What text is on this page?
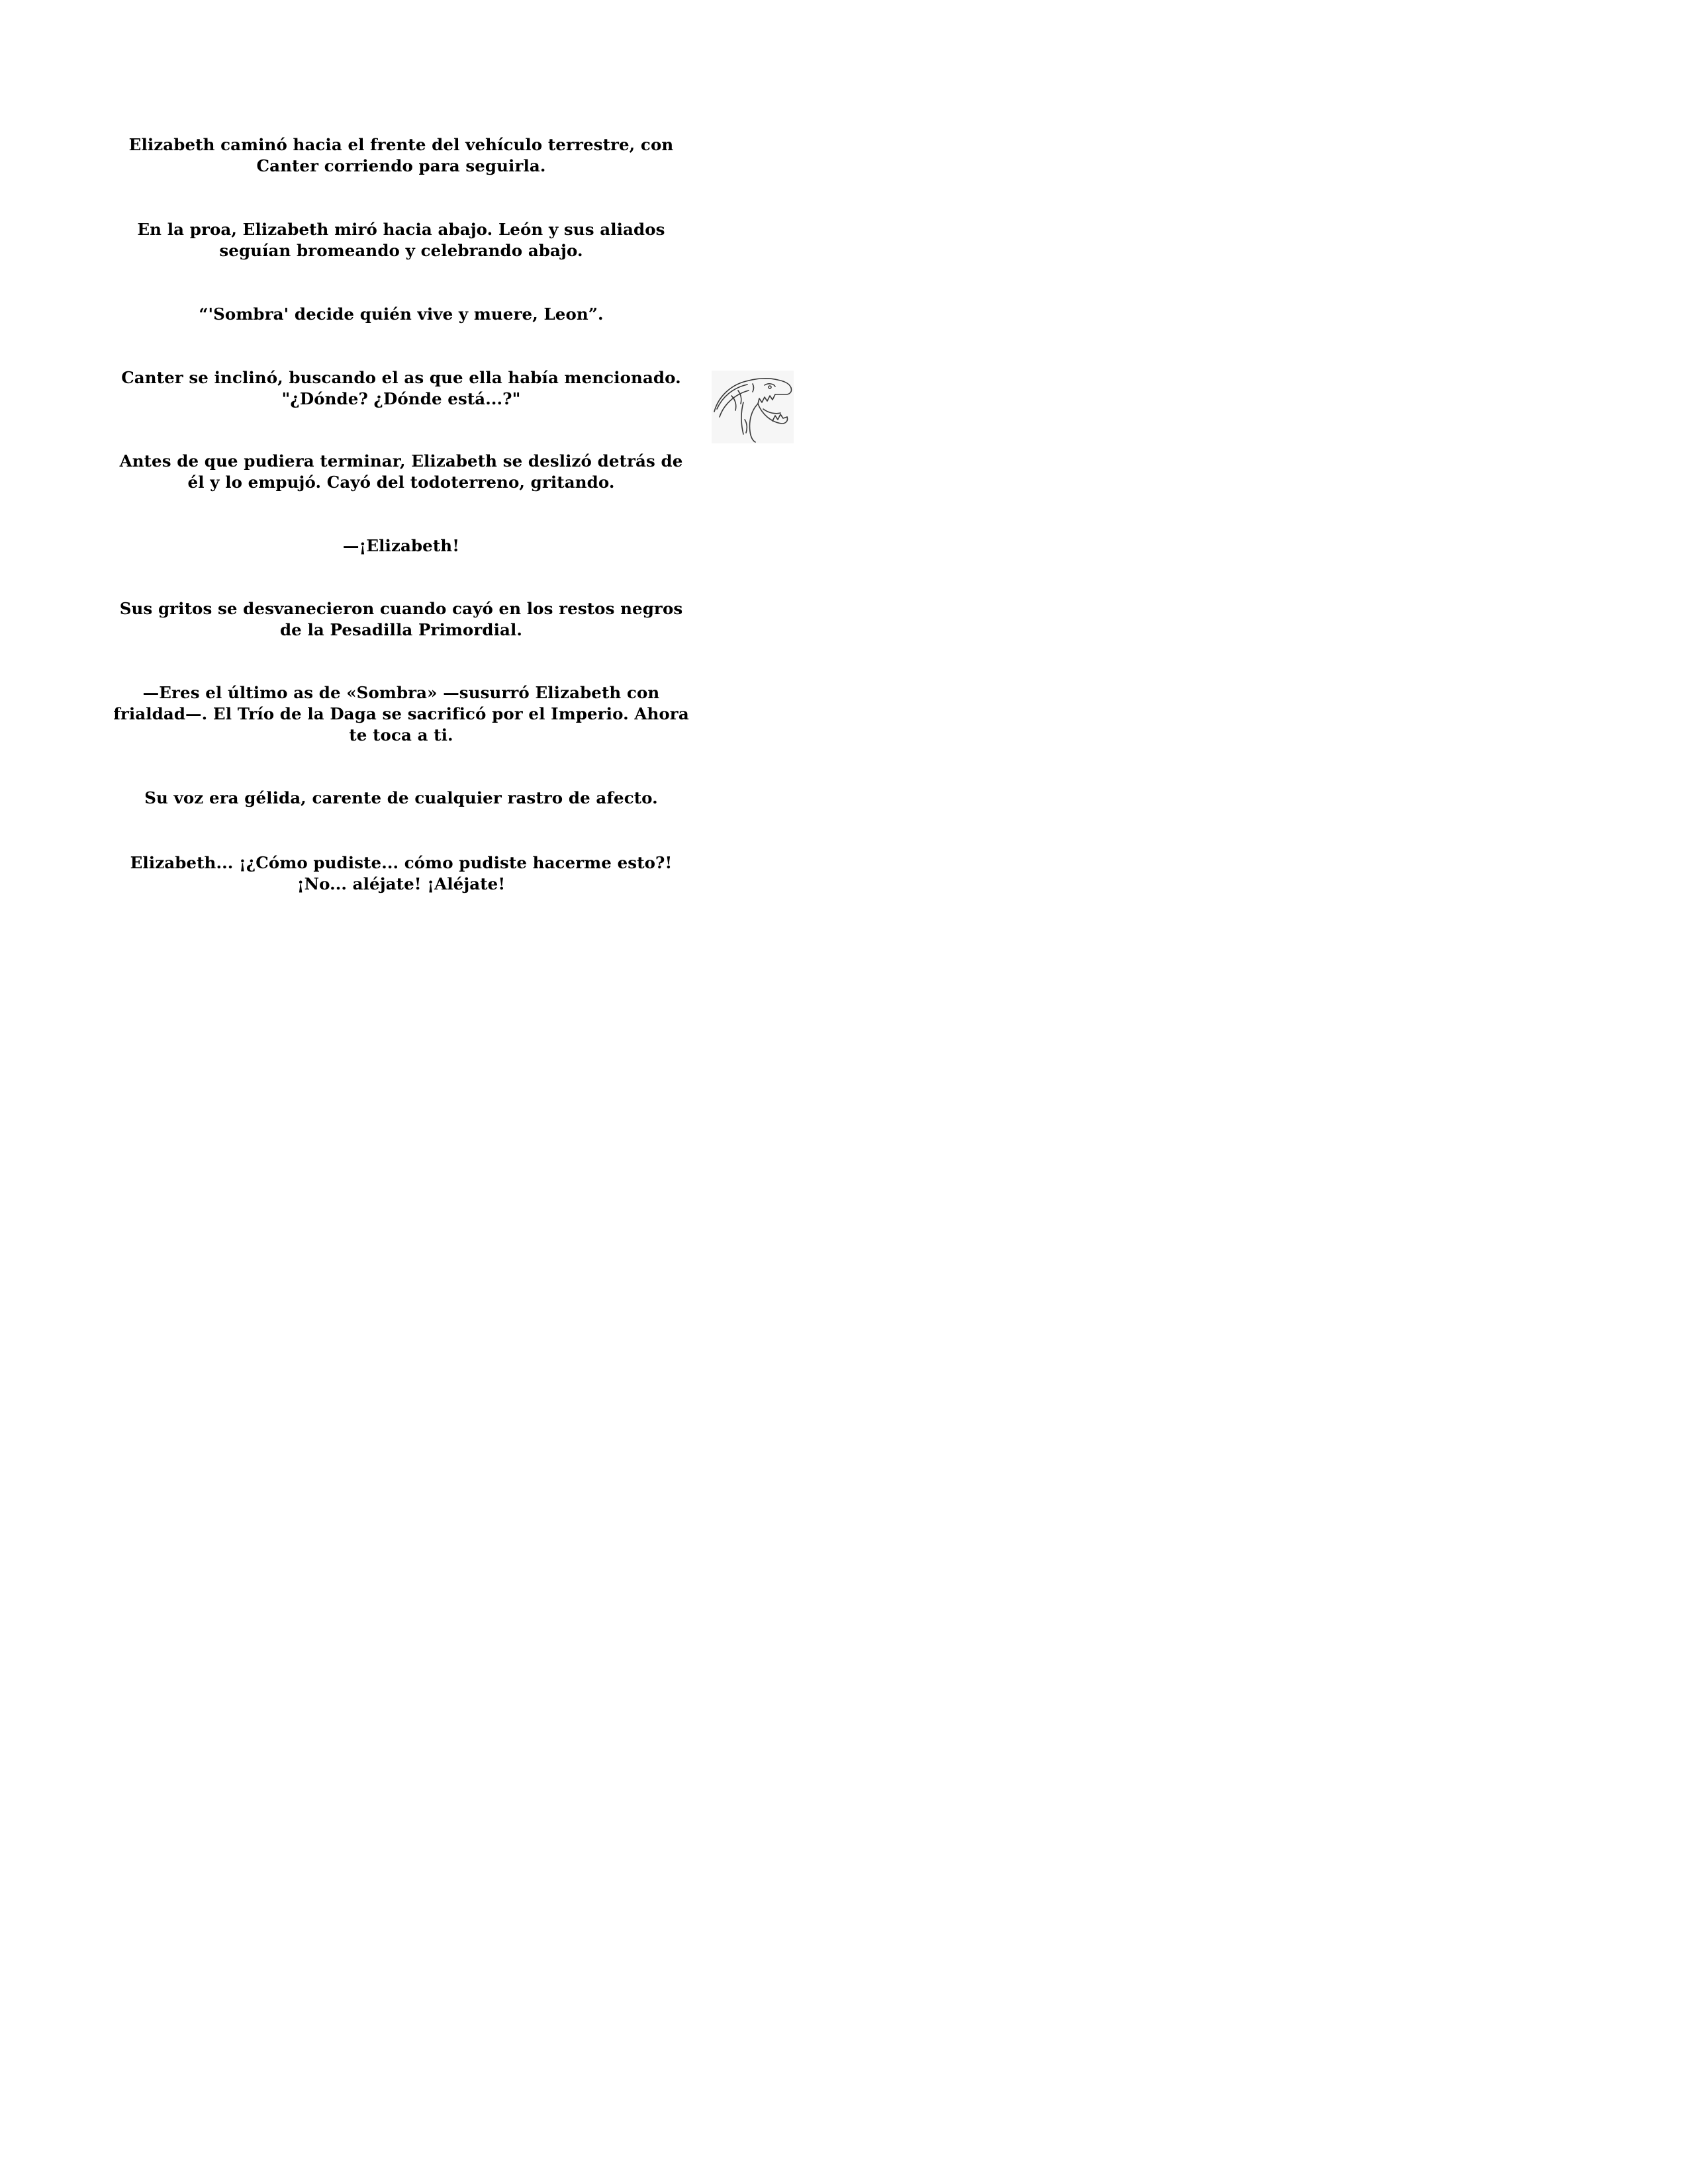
Elizabeth caminó hacia el frente del vehículo terrestre, con
Canter corriendo para seguirla.
En la proa, Elizabeth miró hacia abajo. León y sus aliados
seguían bromeando y celebrando abajo.
“'Sombra' decide quién vive y muere, Leon”.
Canter se inclinó, buscando el as que ella había mencionado.
"¿Dónde? ¿Dónde está...?"
Antes de que pudiera terminar, Elizabeth se deslizó detrás de
él y lo empujó. Cayó del todoterreno, gritando.
—¡Elizabeth!
Sus gritos se desvanecieron cuando cayó en los restos negros
de la Pesadilla Primordial.
—Eres el último as de «Sombra» —susurró Elizabeth con
frialdad—. El Trío de la Daga se sacrificó por el Imperio. Ahora
te toca a ti.
Su voz era gélida, carente de cualquier rastro de afecto.
Elizabeth... ¡¿Cómo pudiste... cómo pudiste hacerme esto?!
¡No... aléjate! ¡Aléjate!
